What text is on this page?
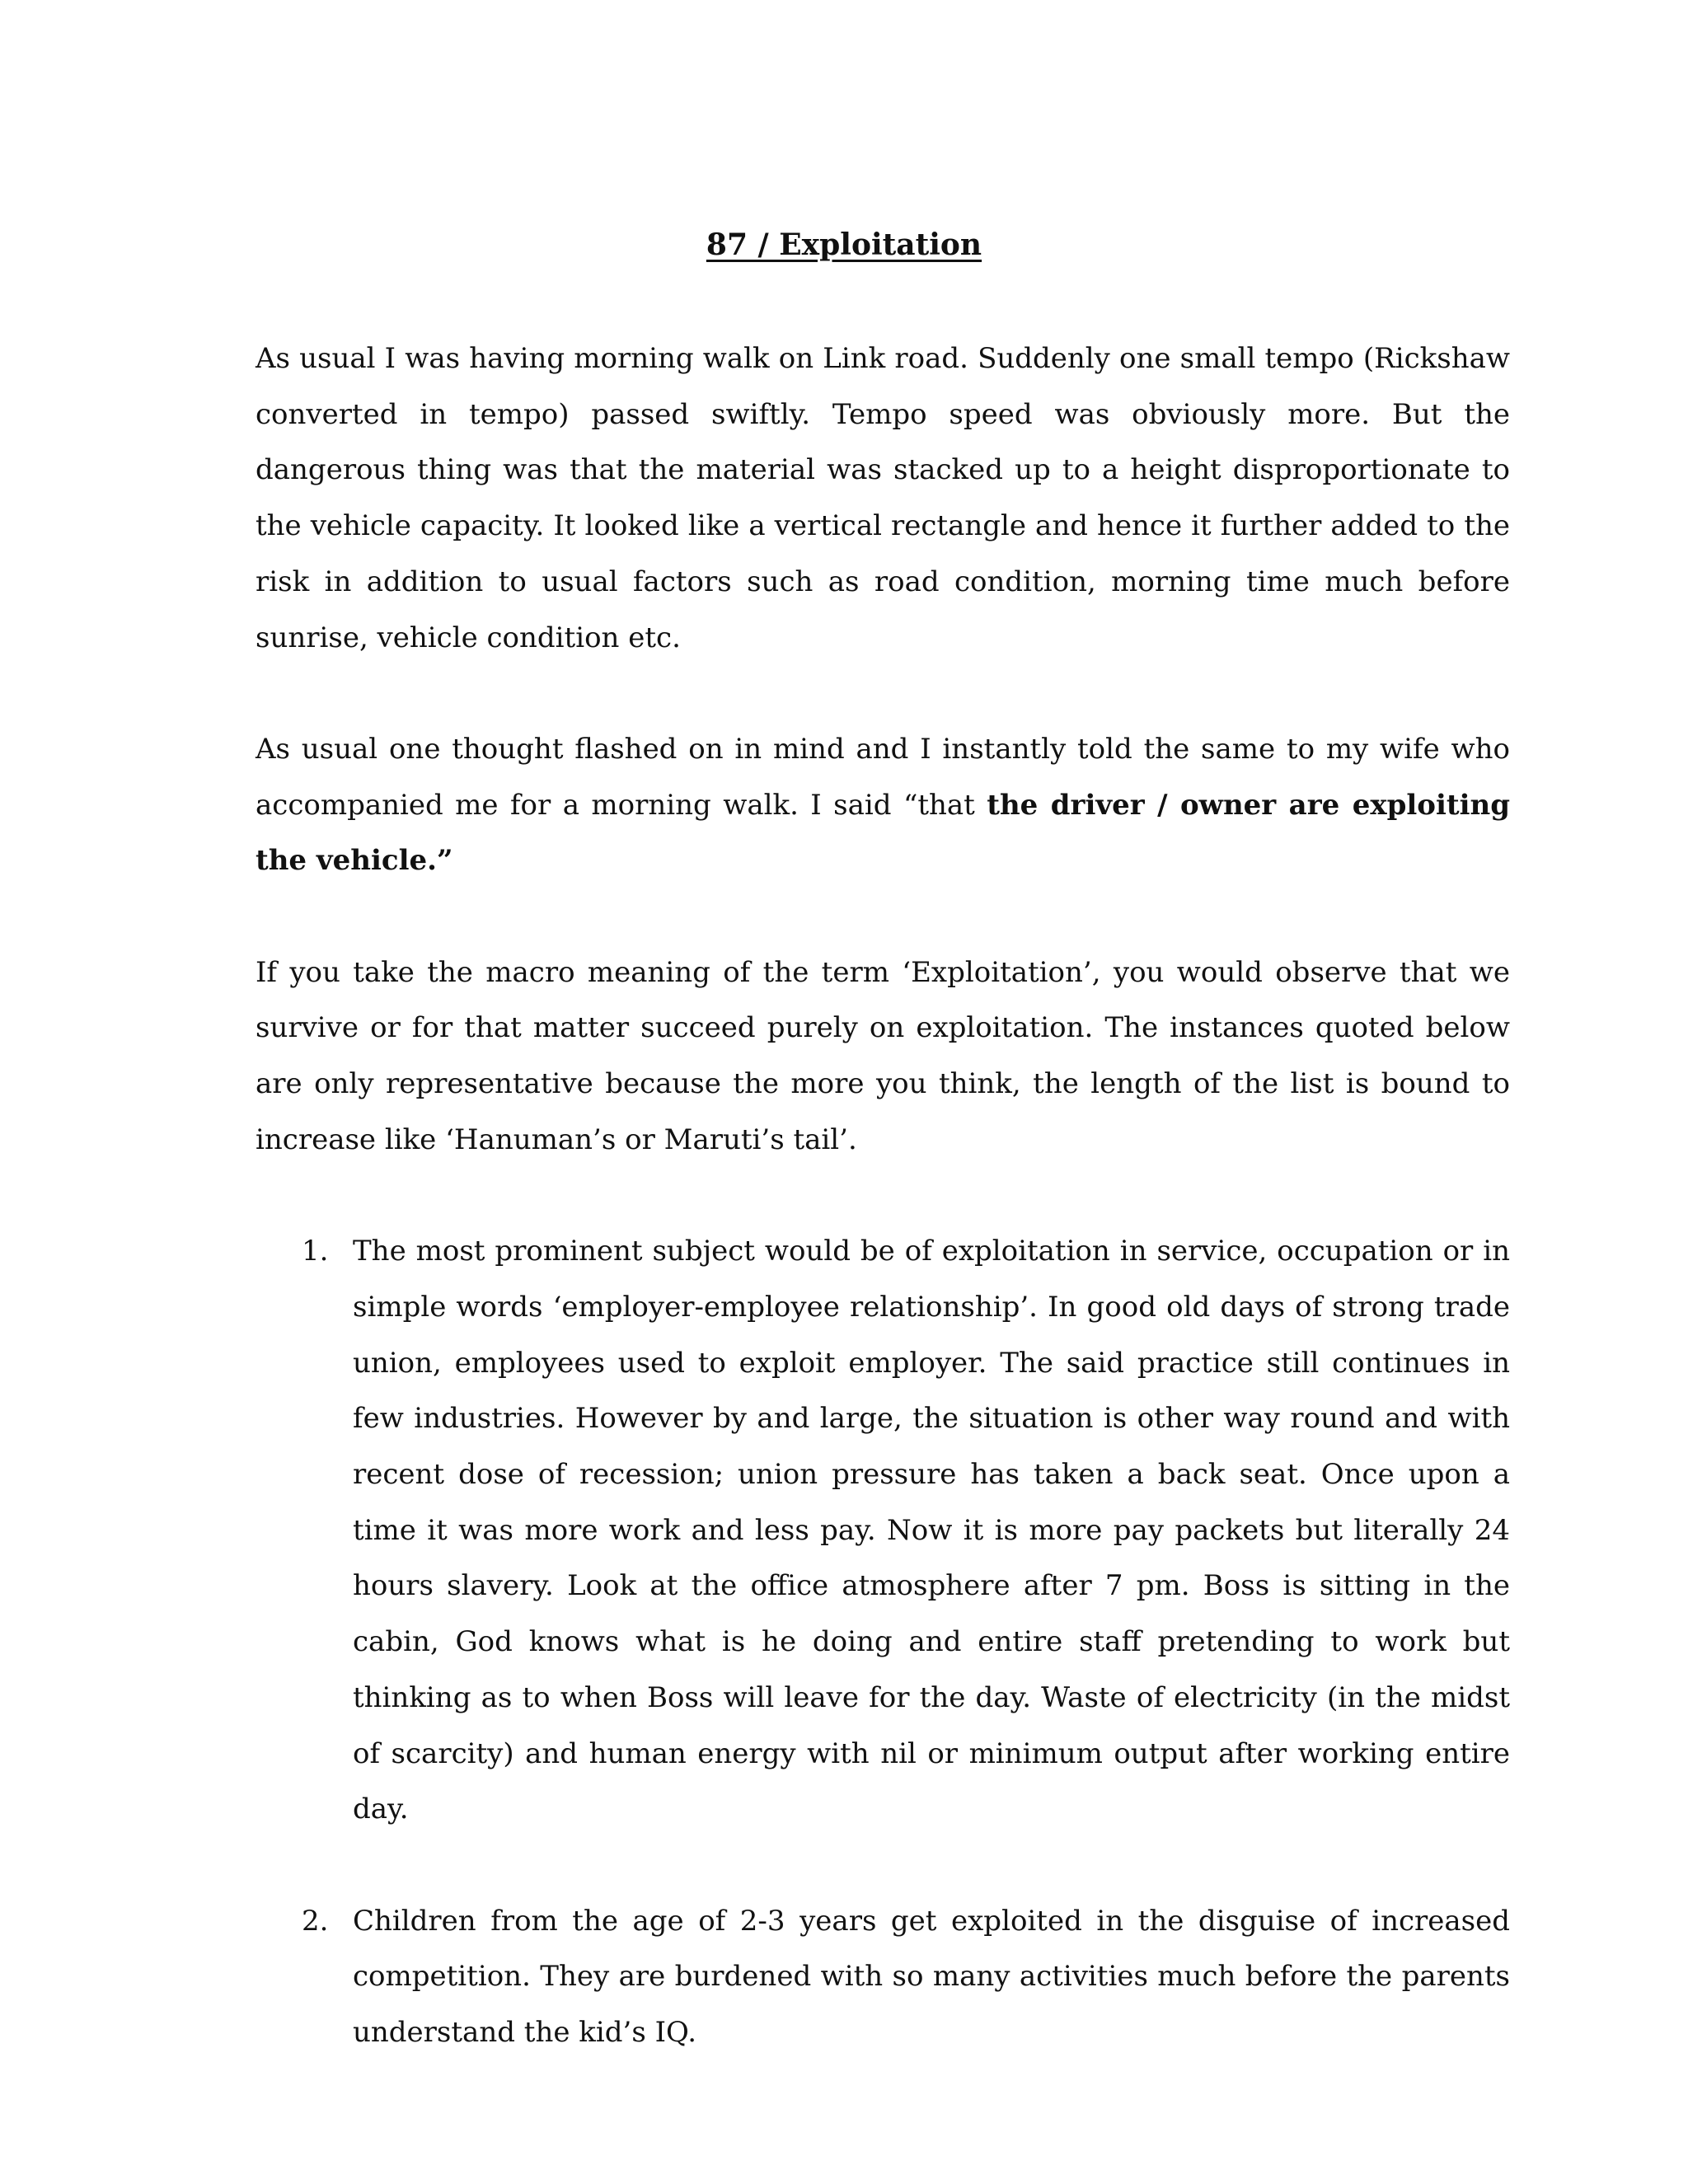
87 / Exploitation

As usual I was having morning walk on Link road. Suddenly one small tempo (Rickshaw converted in tempo) passed swiftly. Tempo speed was obviously more. But the dangerous thing was that the material was stacked up to a height disproportionate to the vehicle capacity. It looked like a vertical rectangle and hence it further added to the risk in addition to usual factors such as road condition, morning time much before sunrise, vehicle condition etc.

As usual one thought flashed on in mind and I instantly told the same to my wife who accompanied me for a morning walk. I said “that the driver / owner are exploiting the vehicle.”

If you take the macro meaning of the term ‘Exploitation’, you would observe that we survive or for that matter succeed purely on exploitation. The instances quoted below are only representative because the more you think, the length of the list is bound to increase like ‘Hanuman’s or Maruti’s tail’.

1. The most prominent subject would be of exploitation in service, occupation or in simple words ‘employer-employee relationship’. In good old days of strong trade union, employees used to exploit employer. The said practice still continues in few industries. However by and large, the situation is other way round and with recent dose of recession; union pressure has taken a back seat. Once upon a time it was more work and less pay. Now it is more pay packets but literally 24 hours slavery. Look at the office atmosphere after 7 pm. Boss is sitting in the cabin, God knows what is he doing and entire staff pretending to work but thinking as to when Boss will leave for the day. Waste of electricity (in the midst of scarcity) and human energy with nil or minimum output after working entire day.
2. Children from the age of 2-3 years get exploited in the disguise of increased competition. They are burdened with so many activities much before the parents understand the kid’s IQ.
